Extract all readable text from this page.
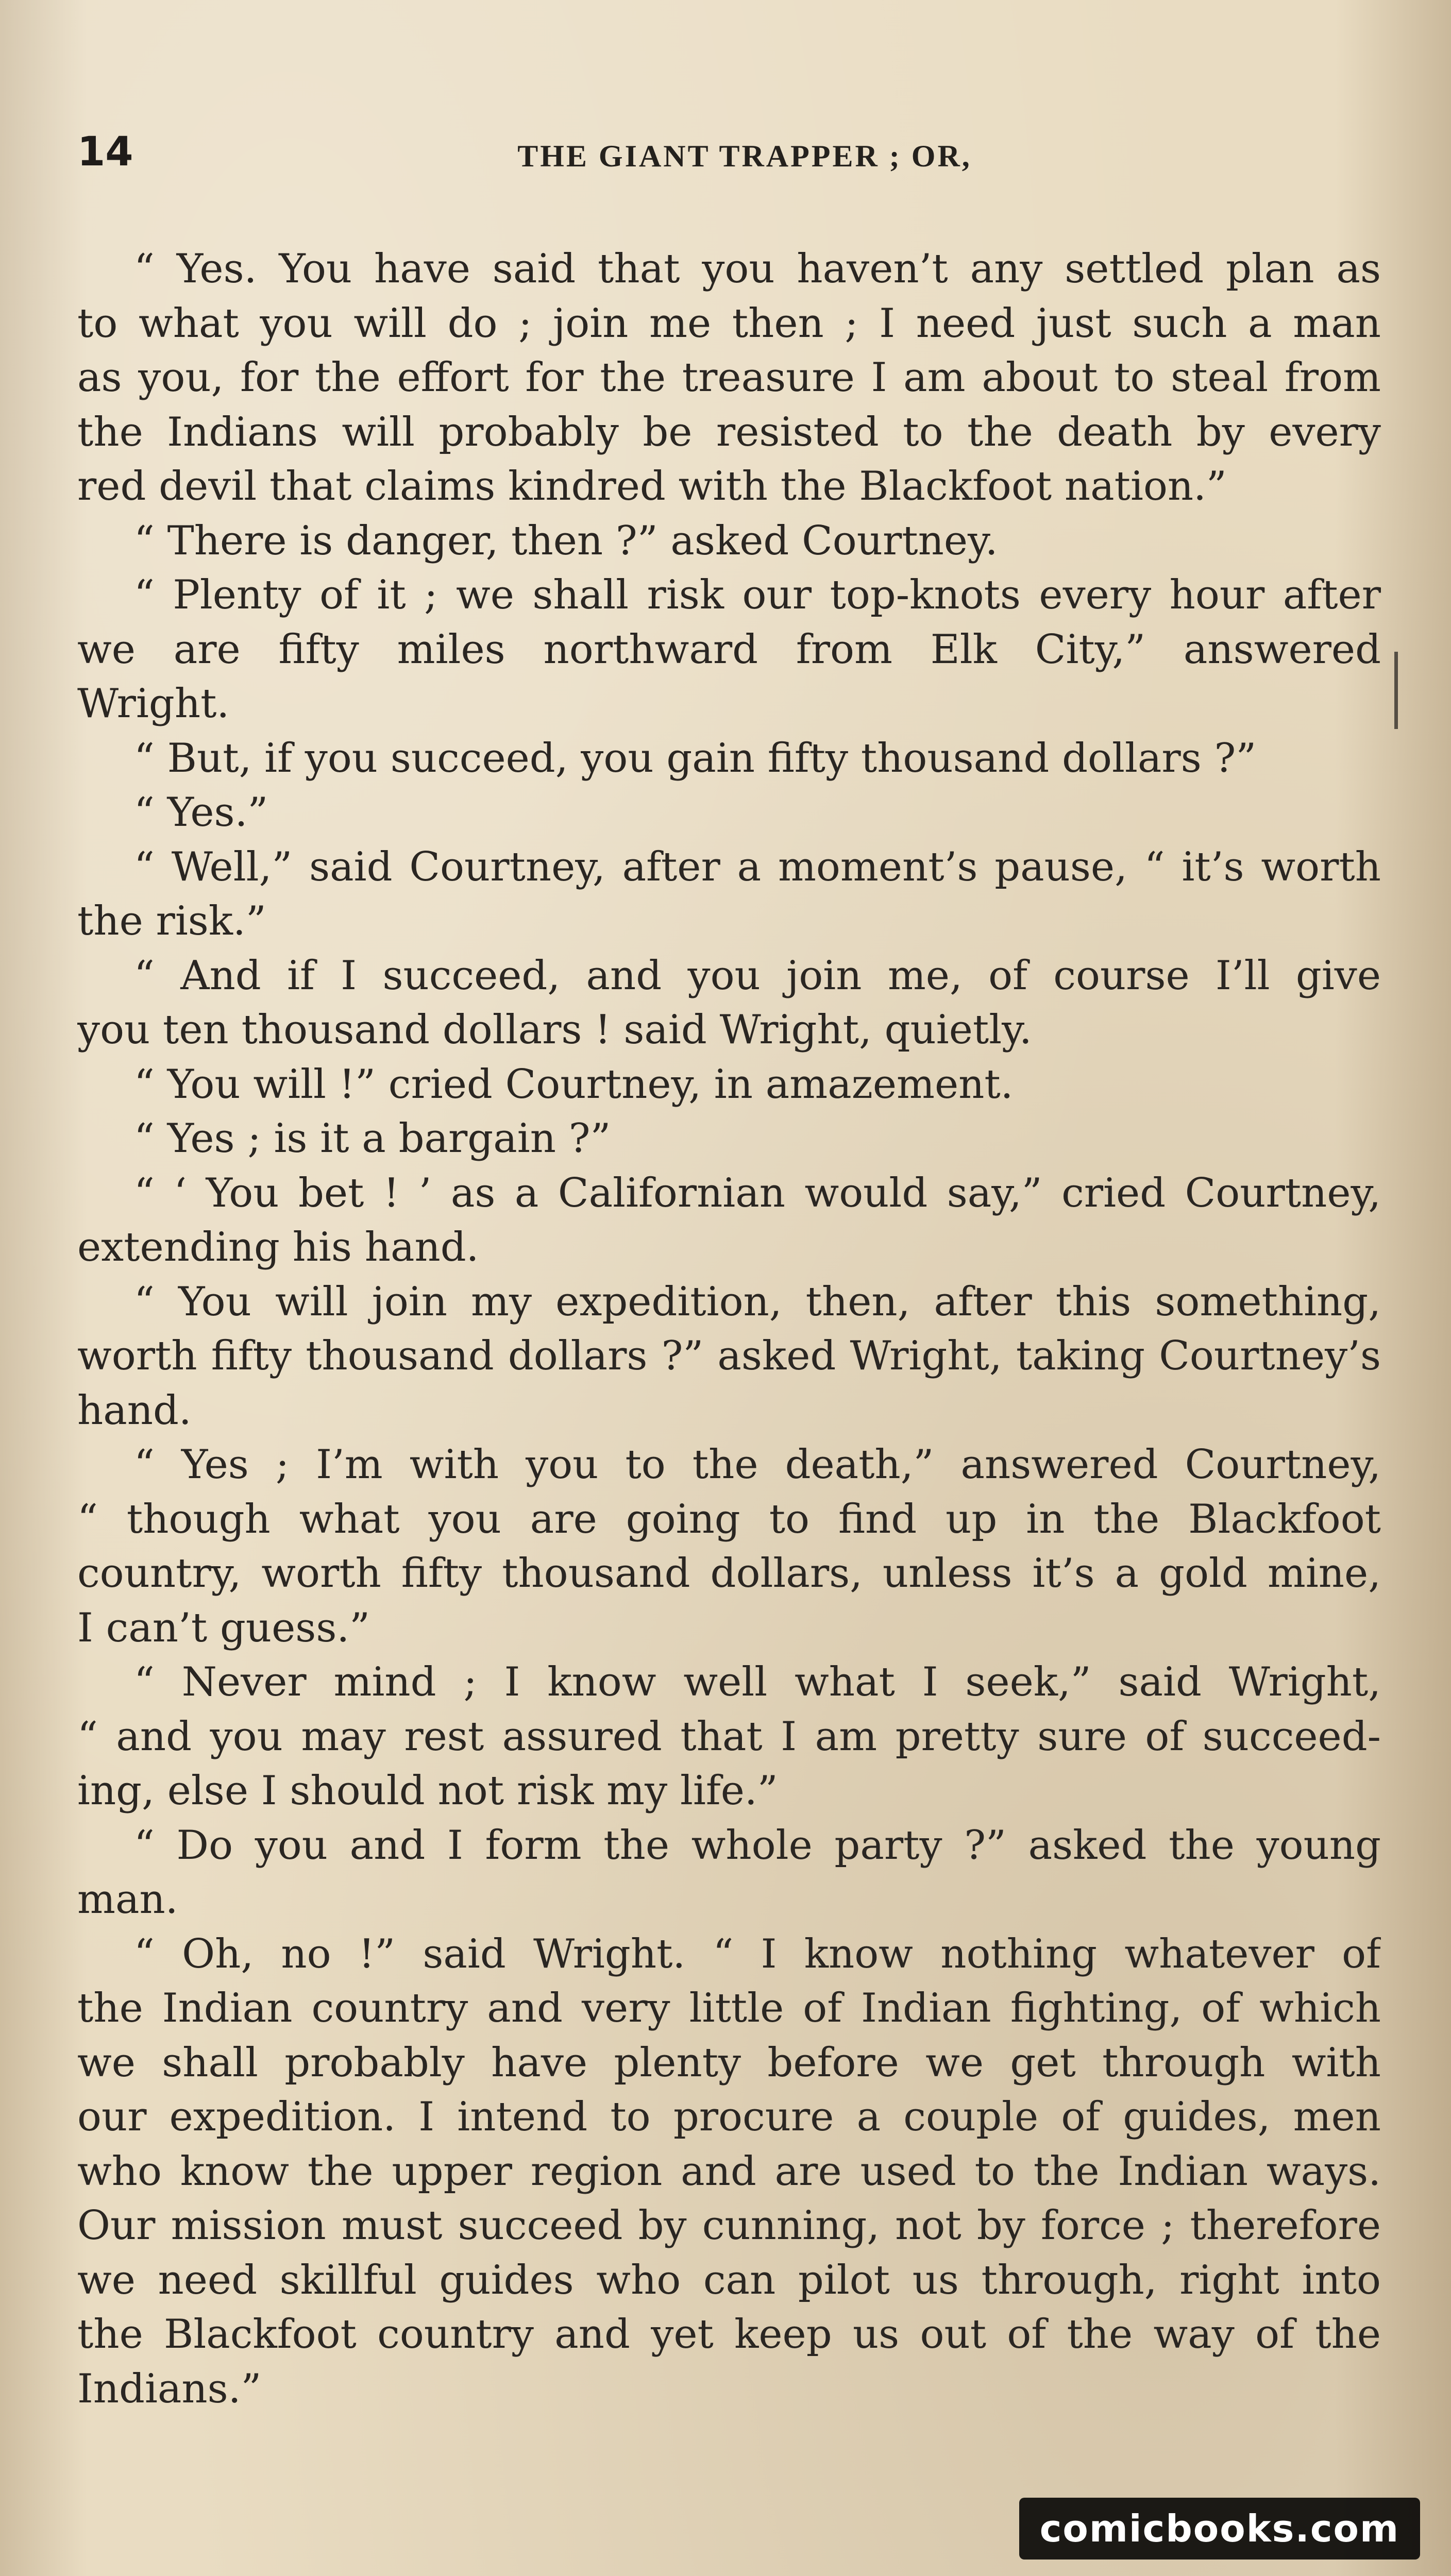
14	THE GIANT TRAPPER ; OR,
“ Yes. You have said that you haven’t any settled plan as
to what you will do ; join me then ; I need just such a man
as you, for the effort for the treasure I am about to steal from
the Indians will probably be resisted to the death by every
red devil that claims kindred with the Blackfoot nation.”
“ There is danger, then ?” asked Courtney.
“ Plenty of it ; we shall risk our top-knots every hour after
we are fifty miles northward from Elk City,” answered
Wright.
“ But, if you succeed, you gain fifty thousand dollars ?”
“ Yes.”
“ Well,” said Courtney, after a moment’s pause, “ it’s worth
the risk.”
“ And if I succeed, and you join me, of course I’ll give
you ten thousand dollars ! said Wright, quietly.
“ You will !” cried Courtney, in amazement.
“ Yes ; is it a bargain ?”
“ ‘ You bet ! ’ as a Californian would say,” cried Courtney,
extending his hand.
“ You will join my expedition, then, after this something,
worth fifty thousand dollars ?” asked Wright, taking Courtney’s
hand.
“ Yes ; I’m with you to the death,” answered Courtney,
“ though what you are going to find up in the Blackfoot
country, worth fifty thousand dollars, unless it’s a gold mine,
I can’t guess.”
“ Never mind ; I know well what I seek,” said Wright,
“ and you may rest assured that I am pretty sure of succeed-
ing, else I should not risk my life.”
“ Do you and I form the whole party ?” asked the young
man.
“ Oh, no !” said Wright. “ I know nothing whatever of
the Indian country and very little of Indian fighting, of which
we shall probably have plenty before we get through with
our expedition. I intend to procure a couple of guides, men
who know the upper region and are used to the Indian ways.
Our mission must succeed by cunning, not by force ; therefore
we need skillful guides who can pilot us through, right into
the Blackfoot country and yet keep us out of the way of the
Indians.”
comicbooks.com
